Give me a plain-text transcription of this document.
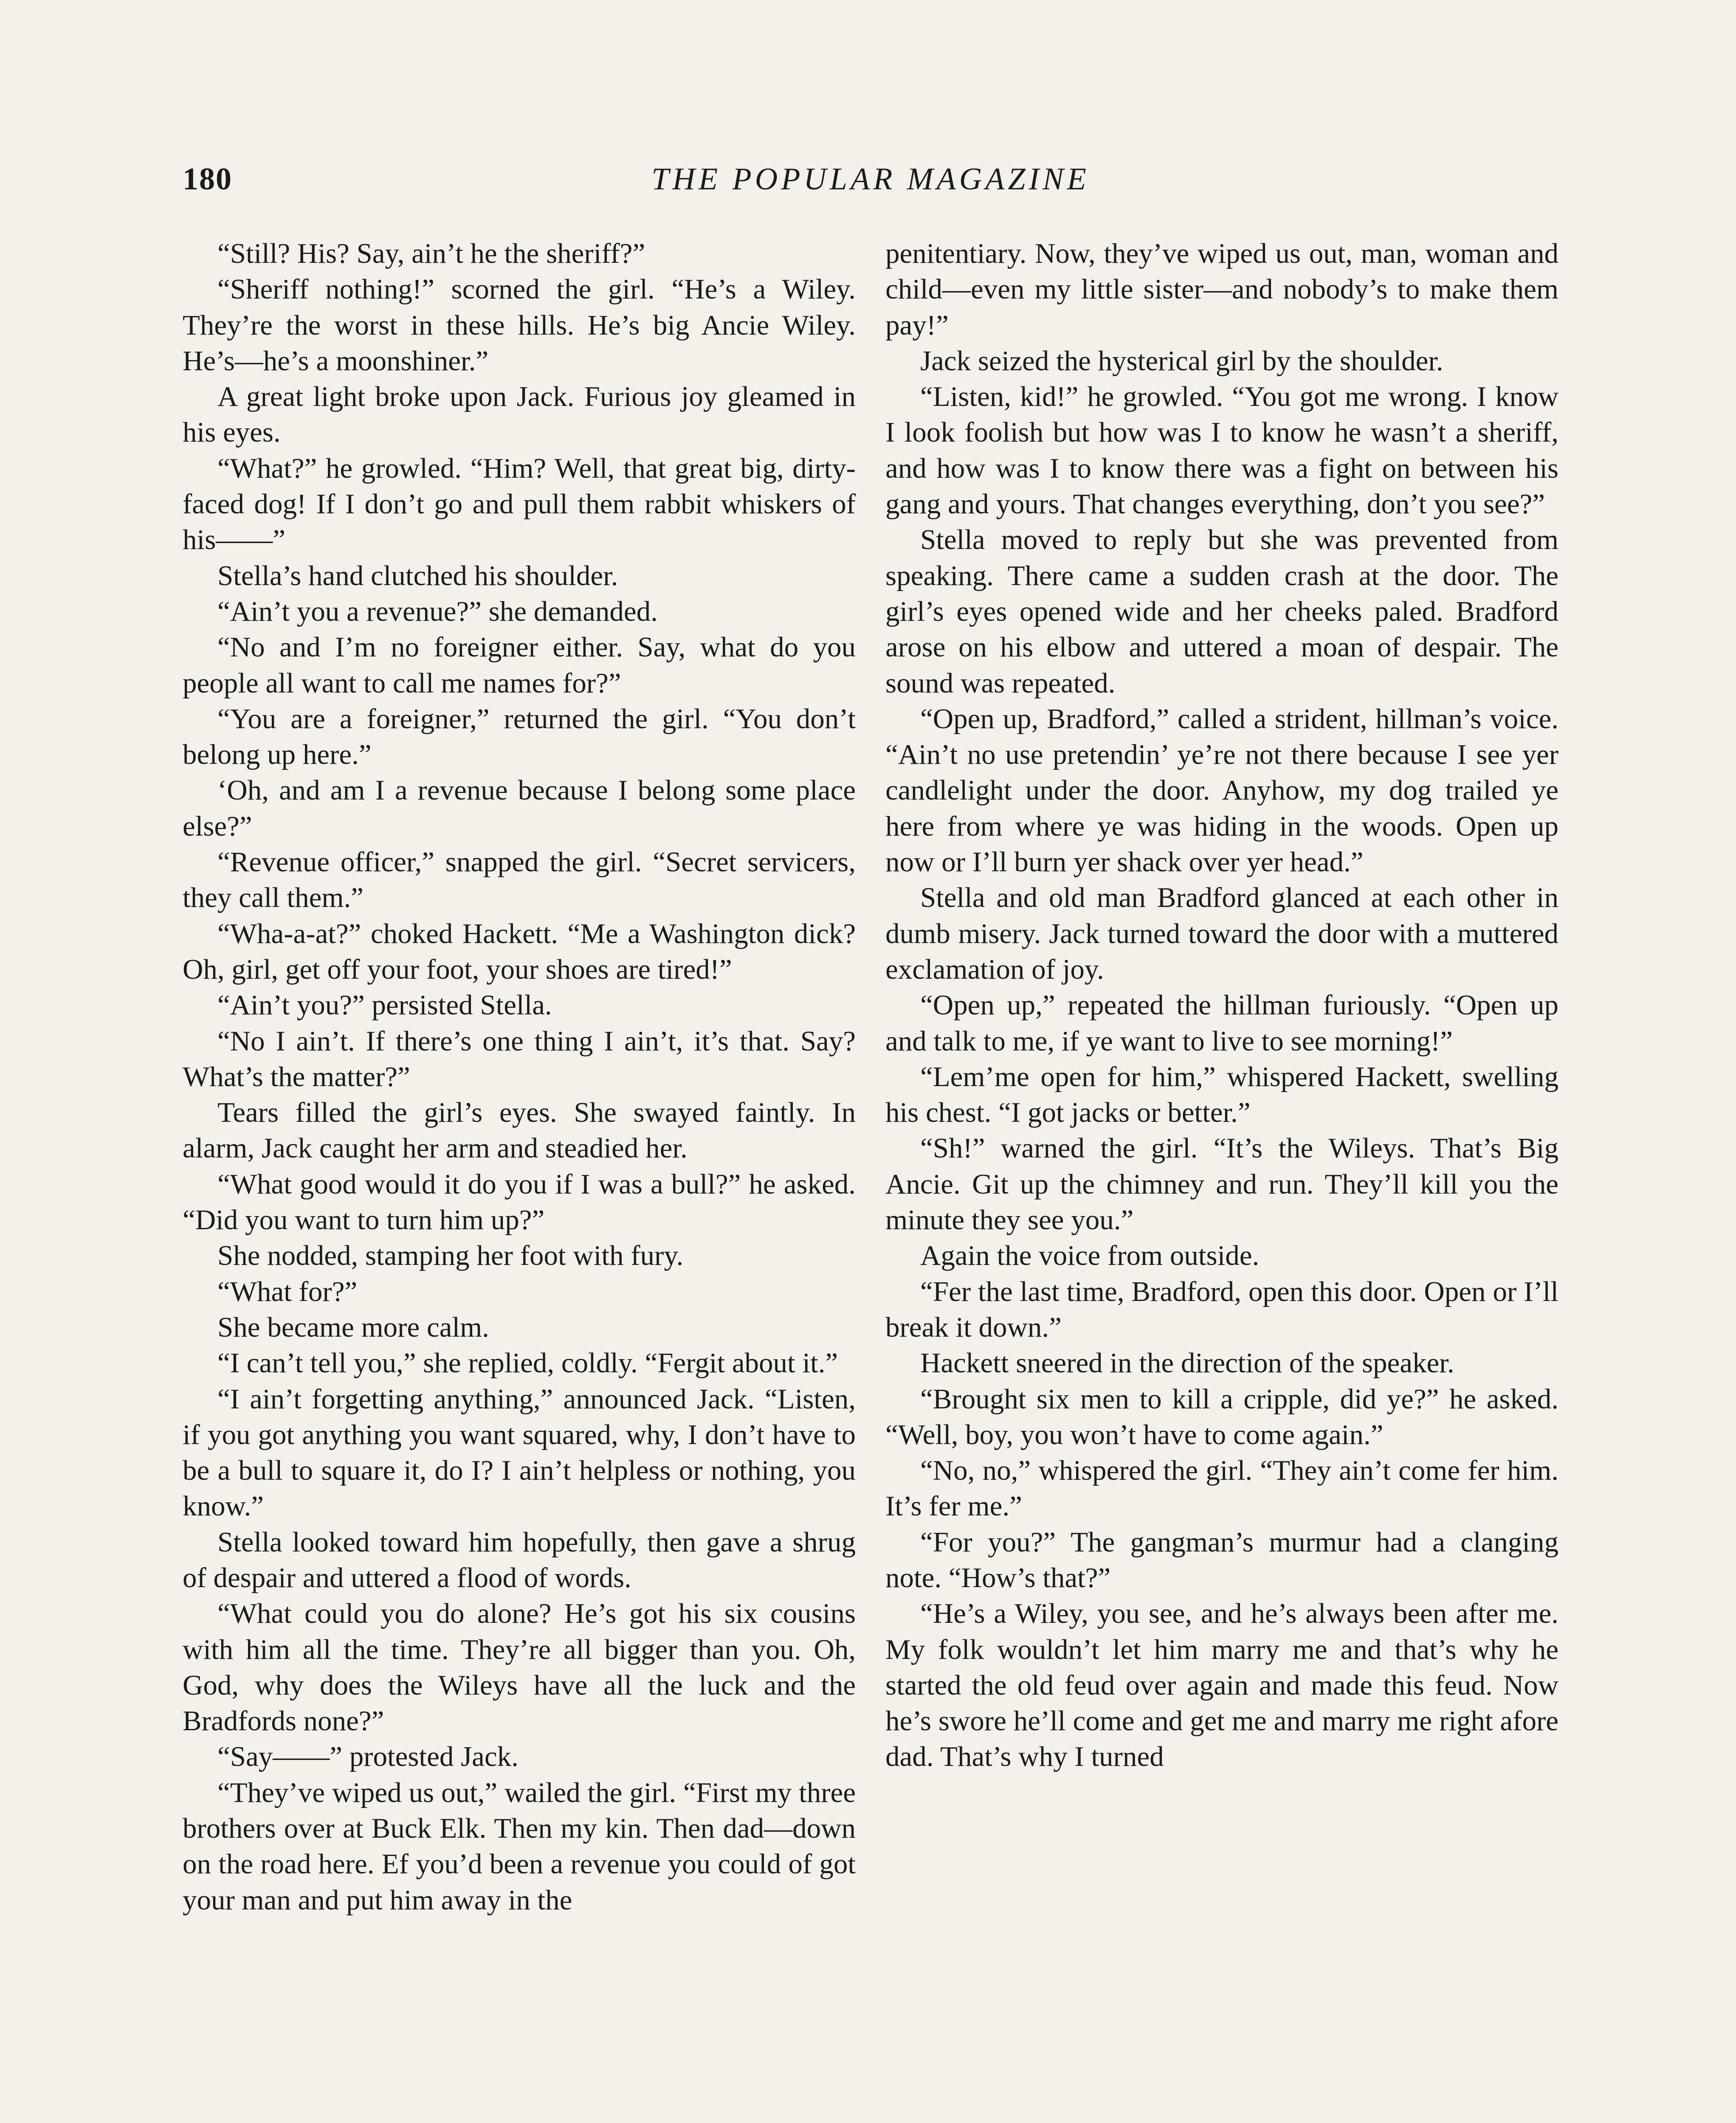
180	THE POPULAR MAGAZINE

“Still? His? Say, ain’t he the sheriff?”

“Sheriff nothing!” scorned the girl. “He’s a Wiley. They’re the worst in these hills. He’s big Ancie Wiley. He’s—he’s a moonshiner.”

A great light broke upon Jack. Furious joy gleamed in his eyes.

“What?” he growled. “Him? Well, that great big, dirty-faced dog! If I don’t go and pull them rabbit whiskers of his——”

Stella’s hand clutched his shoulder.

“Ain’t you a revenue?” she demanded.

“No and I’m no foreigner either. Say, what do you people all want to call me names for?”

“You are a foreigner,” returned the girl. “You don’t belong up here.”

‘Oh, and am I a revenue because I belong some place else?”

“Revenue officer,” snapped the girl. “Secret servicers, they call them.”

“Wha-a-at?” choked Hackett. “Me a Washington dick? Oh, girl, get off your foot, your shoes are tired!”

“Ain’t you?” persisted Stella.

“No I ain’t. If there’s one thing I ain’t, it’s that. Say? What’s the matter?”

Tears filled the girl’s eyes. She swayed faintly. In alarm, Jack caught her arm and steadied her.

“What good would it do you if I was a bull?” he asked. “Did you want to turn him up?”

She nodded, stamping her foot with fury.

“What for?”

She became more calm.

“I can’t tell you,” she replied, coldly. “Fergit about it.”

“I ain’t forgetting anything,” announced Jack. “Listen, if you got anything you want squared, why, I don’t have to be a bull to square it, do I? I ain’t helpless or nothing, you know.”

Stella looked toward him hopefully, then gave a shrug of despair and uttered a flood of words.

“What could you do alone? He’s got his six cousins with him all the time. They’re all bigger than you. Oh, God, why does the Wileys have all the luck and the Bradfords none?”

“Say——” protested Jack.

“They’ve wiped us out,” wailed the girl. “First my three brothers over at Buck Elk. Then my kin. Then dad—down on the road here. Ef you’d been a revenue you could of got your man and put him away in the

penitentiary. Now, they’ve wiped us out, man, woman and child—even my little sister—and nobody’s to make them pay!”

Jack seized the hysterical girl by the shoulder.

“Listen, kid!” he growled. “You got me wrong. I know I look foolish but how was I to know he wasn’t a sheriff, and how was I to know there was a fight on between his gang and yours. That changes everything, don’t you see?”

Stella moved to reply but she was prevented from speaking. There came a sudden crash at the door. The girl’s eyes opened wide and her cheeks paled. Bradford arose on his elbow and uttered a moan of despair. The sound was repeated.

“Open up, Bradford,” called a strident, hillman’s voice. “Ain’t no use pretendin’ ye’re not there because I see yer candlelight under the door. Anyhow, my dog trailed ye here from where ye was hiding in the woods. Open up now or I’ll burn yer shack over yer head.”

Stella and old man Bradford glanced at each other in dumb misery. Jack turned toward the door with a muttered exclamation of joy.

“Open up,” repeated the hillman furiously. “Open up and talk to me, if ye want to live to see morning!”

“Lem’me open for him,” whispered Hackett, swelling his chest. “I got jacks or better.”

“Sh!” warned the girl. “It’s the Wileys. That’s Big Ancie. Git up the chimney and run. They’ll kill you the minute they see you.”

Again the voice from outside.

“Fer the last time, Bradford, open this door. Open or I’ll break it down.”

Hackett sneered in the direction of the speaker.

“Brought six men to kill a cripple, did ye?” he asked. “Well, boy, you won’t have to come again.”

“No, no,” whispered the girl. “They ain’t come fer him. It’s fer me.”

“For you?” The gangman’s murmur had a clanging note. “How’s that?”

“He’s a Wiley, you see, and he’s always been after me. My folk wouldn’t let him marry me and that’s why he started the old feud over again and made this feud. Now he’s swore he’ll come and get me and marry me right afore dad. That’s why I turned
